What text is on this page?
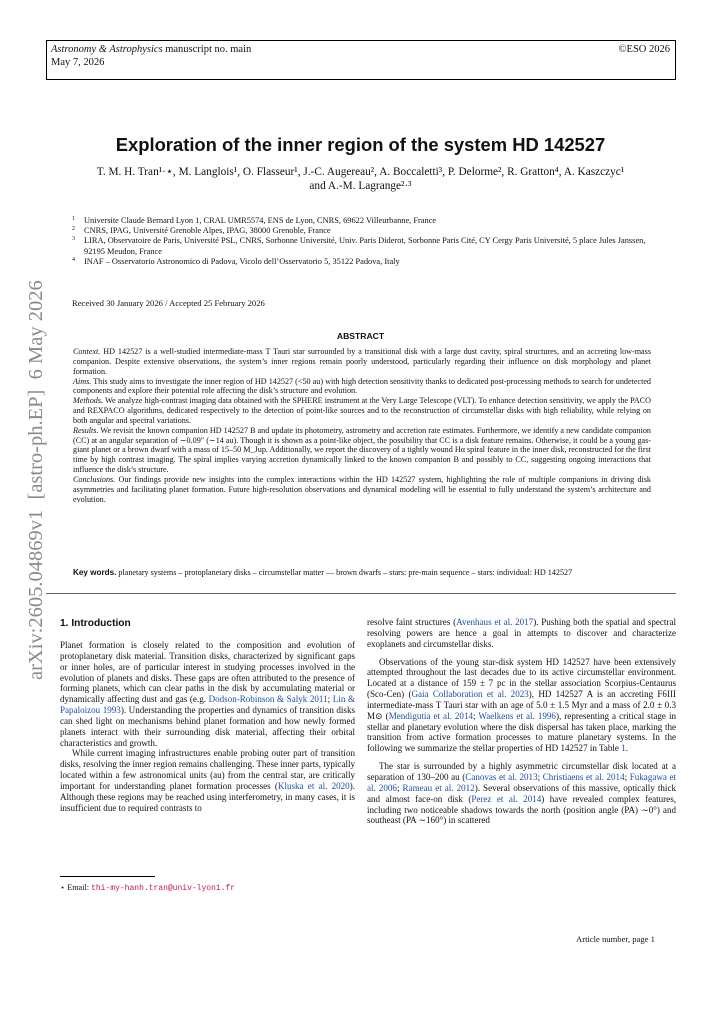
Astronomy & Astrophysics manuscript no. main
May 7, 2026
©ESO 2026
arXiv:2605.04869v1  [astro-ph.EP]  6 May 2026
Exploration of the inner region of the system HD 142527
T. M. H. Tran¹·⋆, M. Langlois¹, O. Flasseur¹, J.-C. Augereau², A. Boccaletti³, P. Delorme², R. Gratton⁴, A. Kaszczyc¹
and A.-M. Lagrange²·³
1 Universite Claude Bernard Lyon 1, CRAL UMR5574, ENS de Lyon, CNRS, 69622 Villeurbanne, France
2 CNRS, IPAG, Université Grenoble Alpes, IPAG, 38000 Grenoble, France
3 LIRA, Observatoire de Paris, Université PSL, CNRS, Sorbonne Université, Univ. Paris Diderot, Sorbonne Paris Cité, CY Cergy Paris Université, 5 place Jules Janssen, 92195 Meudon, France
4 INAF – Osservatorio Astronomico di Padova, Vicolo dell’Osservatorio 5, 35122 Padova, Italy
Received 30 January 2026 / Accepted 25 February 2026
ABSTRACT

Context. HD 142527 is a well-studied intermediate-mass T Tauri star surrounded by a transitional disk with a large dust cavity, spiral structures, and an accreting low-mass companion. Despite extensive observations, the system’s inner regions remain poorly understood, particularly regarding their influence on disk morphology and planet formation.

Aims. This study aims to investigate the inner region of HD 142527 (<50 au) with high detection sensitivity thanks to dedicated post-processing methods to search for undetected components and explore their potential role affecting the disk’s structure and evolution.

Methods. We analyze high-contrast imaging data obtained with the SPHERE instrument at the Very Large Telescope (VLT). To enhance detection sensitivity, we apply the PACO and REXPACO algorithms, dedicated respectively to the detection of point-like sources and to the reconstruction of circumstellar disks with high reliability, while relying on both angular and spectral variations.

Results. We revisit the known companion HD 142527 B and update its photometry, astrometry and accretion rate estimates. Furthermore, we identify a new candidate companion (CC) at an angular separation of ∼0.09″ (∼14 au). Though it is shown as a point-like object, the possibility that CC is a disk feature remains. Otherwise, it could be a young gas-giant planet or a brown dwarf with a mass of 15–50 M_Jup. Additionally, we report the discovery of a tightly wound Hα spiral feature in the inner disk, reconstructed for the first time by high contrast imaging. The spiral implies varying accretion dynamically linked to the known companion B and possibly to CC, suggesting ongoing interactions that influence the disk’s structure.

Conclusions. Our findings provide new insights into the complex interactions within the HD 142527 system, highlighting the role of multiple companions in driving disk asymmetries and facilitating planet formation. Future high-resolution observations and dynamical modeling will be essential to fully understand the system’s architecture and evolution.

Key words. planetary systems – protoplanetary disks – circumstellar matter — brown dwarfs – stars: pre-main sequence – stars: individual: HD 142527
1. Introduction

Planet formation is closely related to the composition and evolution of protoplanetary disk material. Transition disks, characterized by significant gaps or inner holes, are of particular interest in studying processes involved in the evolution of planets and disks. These gaps are often attributed to the presence of forming planets, which can clear paths in the disk by accumulating material or dynamically affecting dust and gas (e.g. Dodson-Robinson & Salyk 2011; Lin & Papaloizou 1993). Understanding the properties and dynamics of transition disks can shed light on mechanisms behind planet formation and how newly formed planets interact with their surrounding disk material, affecting their orbital characteristics and growth.

While current imaging infrastructures enable probing outer part of transition disks, resolving the inner region remains challenging. These inner parts, typically located within a few astronomical units (au) from the central star, are critically important for understanding planet formation processes (Kluska et al. 2020). Although these regions may be reached using interferometry, in many cases, it is insufficient due to required contrasts to

resolve faint structures (Avenhaus et al. 2017). Pushing both the spatial and spectral resolving powers are hence a goal in attempts to discover and characterize exoplanets and circumstellar disks.

Observations of the young star-disk system HD 142527 have been extensively attempted throughout the last decades due to its active circumstellar environment. Located at a distance of 159 ± 7 pc in the stellar association Scorpius-Centaurus (Sco-Cen) (Gaia Collaboration et al. 2023), HD 142527 A is an accreting F6III intermediate-mass T Tauri star with an age of 5.0 ± 1.5 Myr and a mass of 2.0 ± 0.3 M⊙ (Mendigutía et al. 2014; Waelkens et al. 1996), representing a critical stage in stellar and planetary evolution where the disk dispersal has taken place, marking the transition from active formation processes to mature planetary systems. In the following we summarize the stellar properties of HD 142527 in Table 1.

The star is surrounded by a highly asymmetric circumstellar disk located at a separation of 130–200 au (Canovas et al. 2013; Christiaens et al. 2014; Fukagawa et al. 2006; Rameau et al. 2012). Several observations of this massive, optically thick and almost face-on disk (Perez et al. 2014) have revealed complex features, including two noticeable shadows towards the north (position angle (PA) ∼0°) and southeast (PA ∼160°) in scattered

⋆ Email: thi-my-hanh.tran@univ-lyon1.fr
Article number, page 1
